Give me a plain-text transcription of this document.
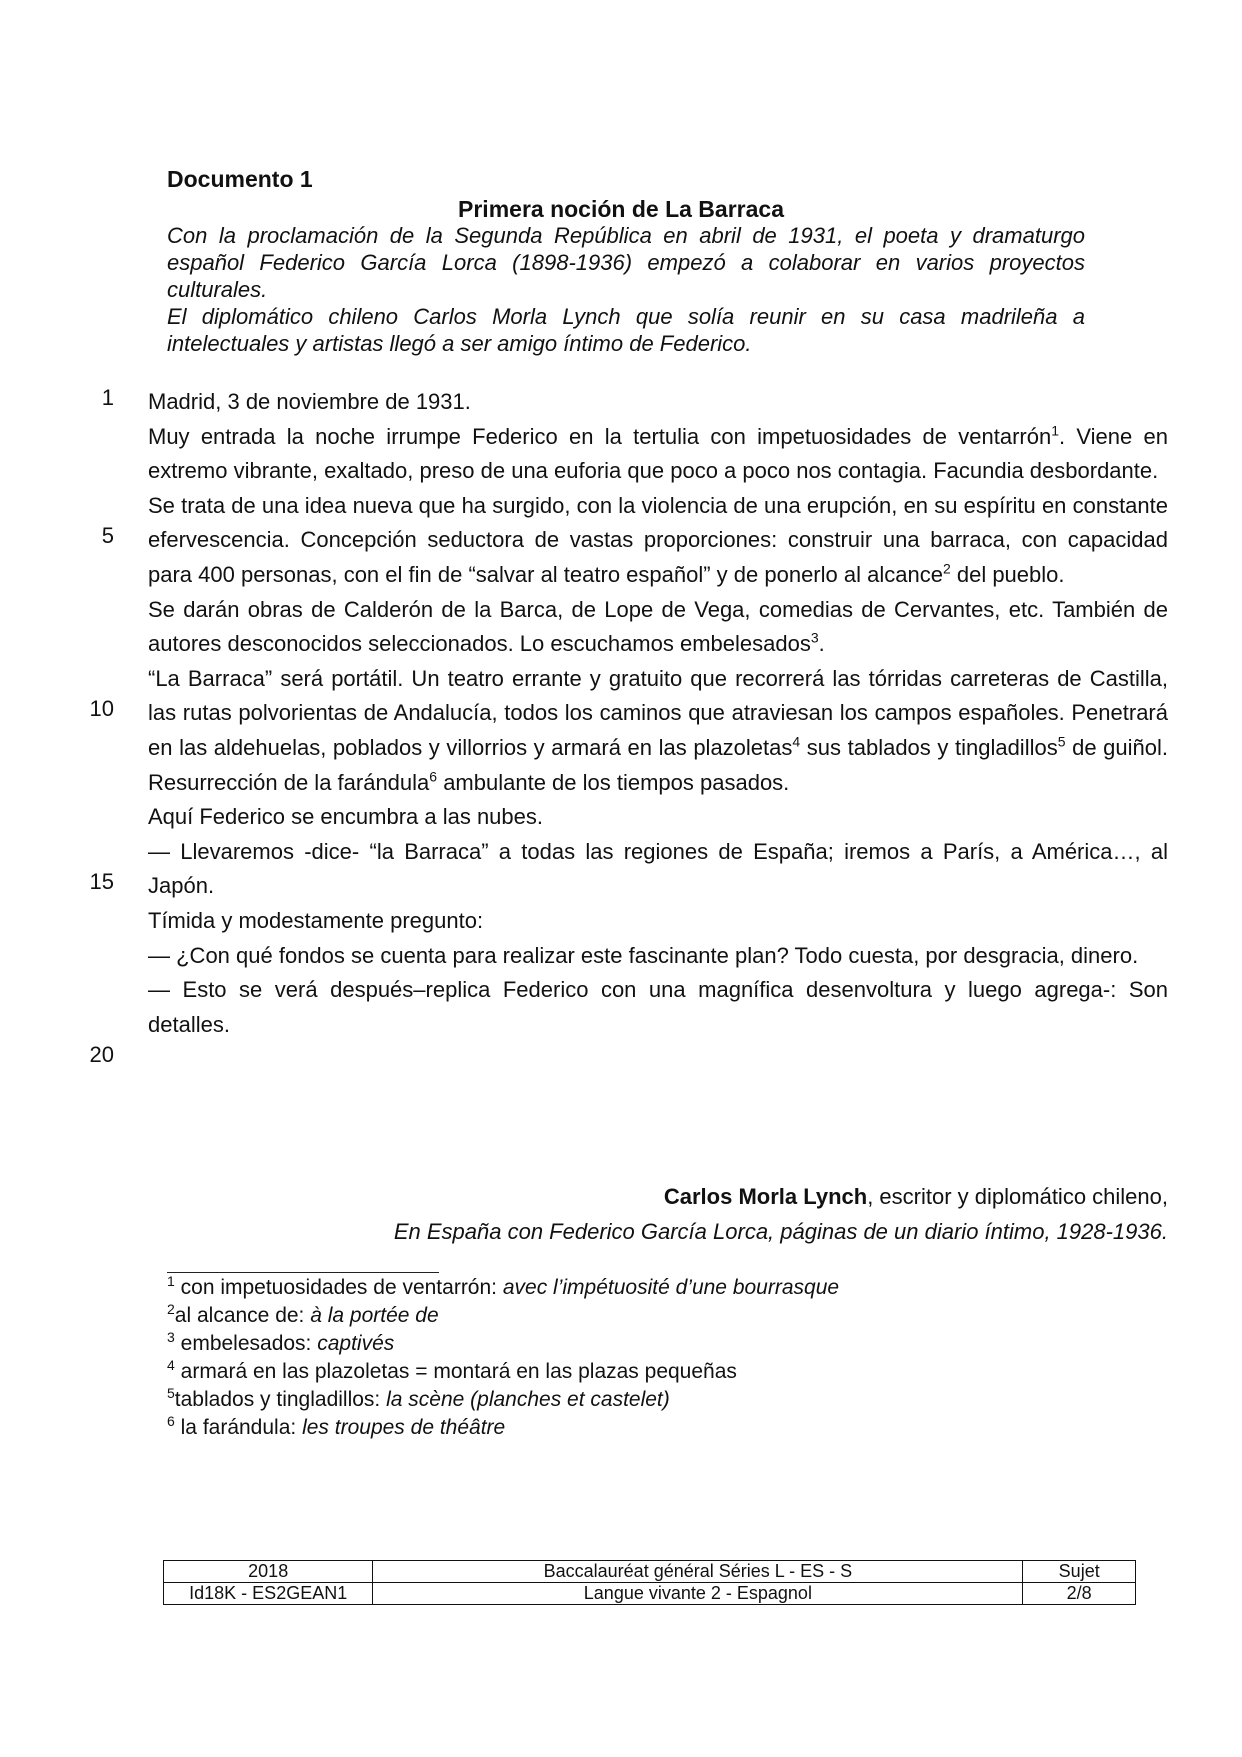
Documento 1
Primera noción de La Barraca

Con la proclamación de la Segunda República en abril de 1931, el poeta y dramaturgo español Federico García Lorca (1898-1936) empezó a colaborar en varios proyectos culturales.

El diplomático chileno Carlos Morla Lynch que solía reunir en su casa madrileña a intelectuales y artistas llegó a ser amigo íntimo de Federico.

1
5
10
15
20

Madrid, 3 de noviembre de 1931.

Muy entrada la noche irrumpe Federico en la tertulia con impetuosidades de ventarrón$^1$. Viene en extremo vibrante, exaltado, preso de una euforia que poco a poco nos contagia. Facundia desbordante.

Se trata de una idea nueva que ha surgido, con la violencia de una erupción, en su espíritu en constante efervescencia. Concepción seductora de vastas proporciones: construir una barraca, con capacidad para 400 personas, con el fin de “salvar al teatro español” y de ponerlo al alcance$^2$ del pueblo.

Se darán obras de Calderón de la Barca, de Lope de Vega, comedias de Cervantes, etc. También de autores desconocidos seleccionados. Lo escuchamos embelesados$^3$.

“La Barraca” será portátil. Un teatro errante y gratuito que recorrerá las tórridas carreteras de Castilla, las rutas polvorientas de Andalucía, todos los caminos que atraviesan los campos españoles. Penetrará en las aldehuelas, poblados y villorrios y armará en las plazoletas$^4$ sus tablados y tingladillos$^5$ de guiñol. Resurrección de la farándula$^6$ ambulante de los tiempos pasados.

Aquí Federico se encumbra a las nubes.

— Llevaremos -dice- “la Barraca” a todas las regiones de España; iremos a París, a América…, al Japón.

Tímida y modestamente pregunto:

— ¿Con qué fondos se cuenta para realizar este fascinante plan? Todo cuesta, por desgracia, dinero.

— Esto se verá después–replica Federico con una magnífica desenvoltura y luego agrega-: Son detalles.

Carlos Morla Lynch, escritor y diplomático chileno,
En España con Federico García Lorca, páginas de un diario íntimo, 1928-1936.
$^1$ con impetuosidades de ventarrón: avec l’impétuosité d’une bourrasque
$^2$al alcance de: à la portée de
$^3$ embelesados: captivés
$^4$ armará en las plazoletas = montará en las plazas pequeñas
$^5$tablados y tingladillos: la scène (planches et castelet)
$^6$ la farándula: les troupes de théâtre
2018	Baccalauréat général Séries L - ES - S	Sujet
Id18K - ES2GEAN1	Langue vivante 2 - Espagnol	2/8
